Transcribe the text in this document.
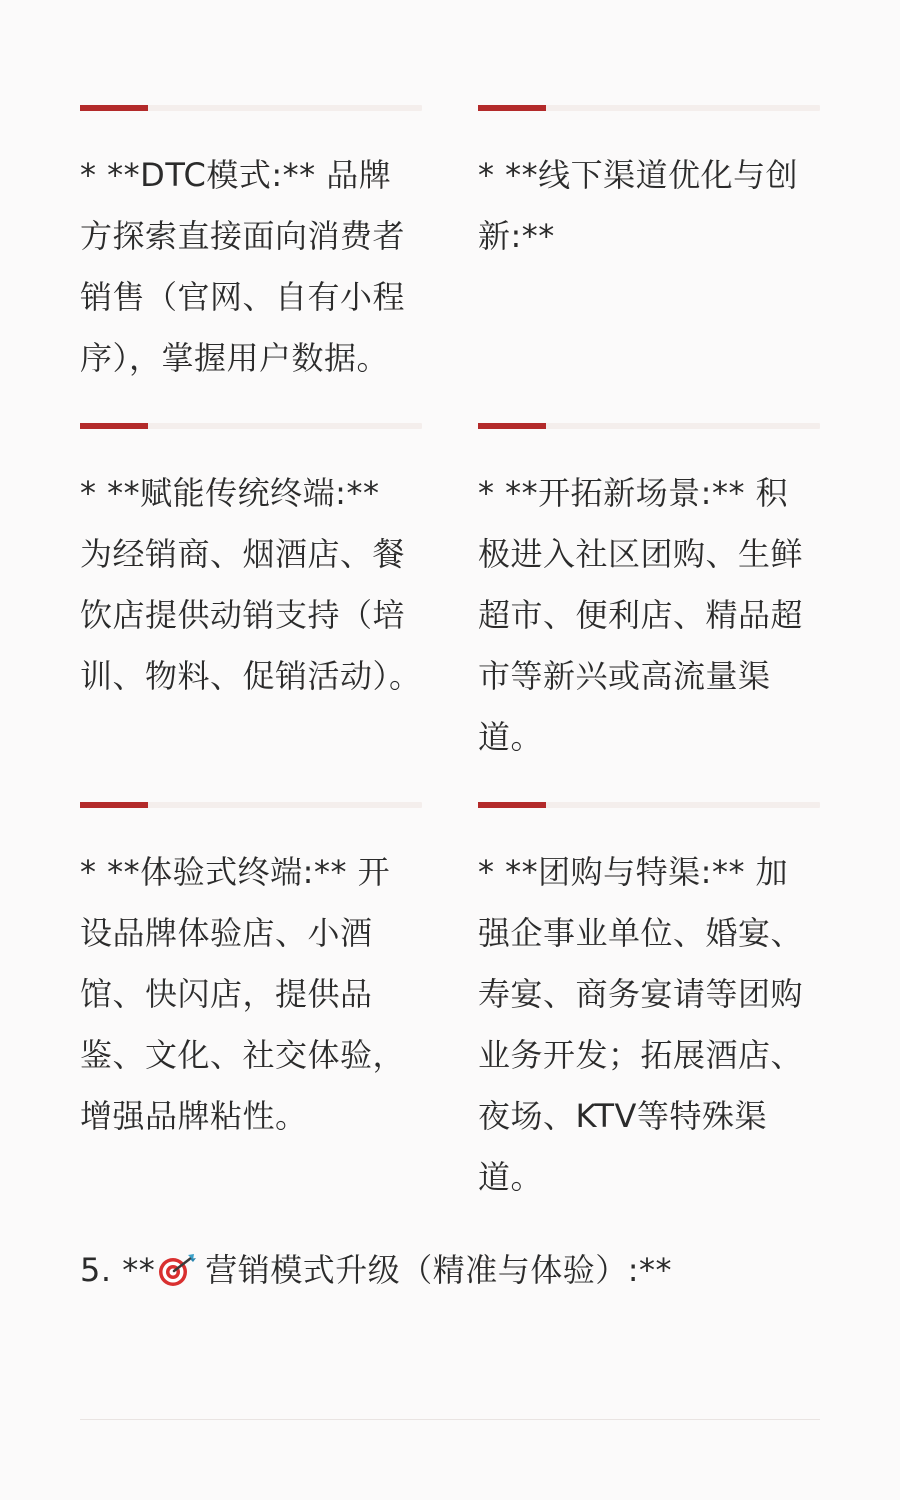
* **DTC模式:** 品牌方探索直接面向消费者销售（官网、自有小程序），掌握用户数据。

* **线下渠道优化与创新:**

* **赋能传统终端:** 为经销商、烟酒店、餐饮店提供动销支持（培训、物料、促销活动）。

* **开拓新场景:** 积极进入社区团购、生鲜超市、便利店、精品超市等新兴或高流量渠道。

* **体验式终端:** 开设品牌体验店、小酒馆、快闪店，提供品鉴、文化、社交体验，增强品牌粘性。

* **团购与特渠:** 加强企事业单位、婚宴、寿宴、商务宴请等团购业务开发；拓展酒店、夜场、KTV等特殊渠道。

5. ** 营销模式升级（精准与体验）:**
